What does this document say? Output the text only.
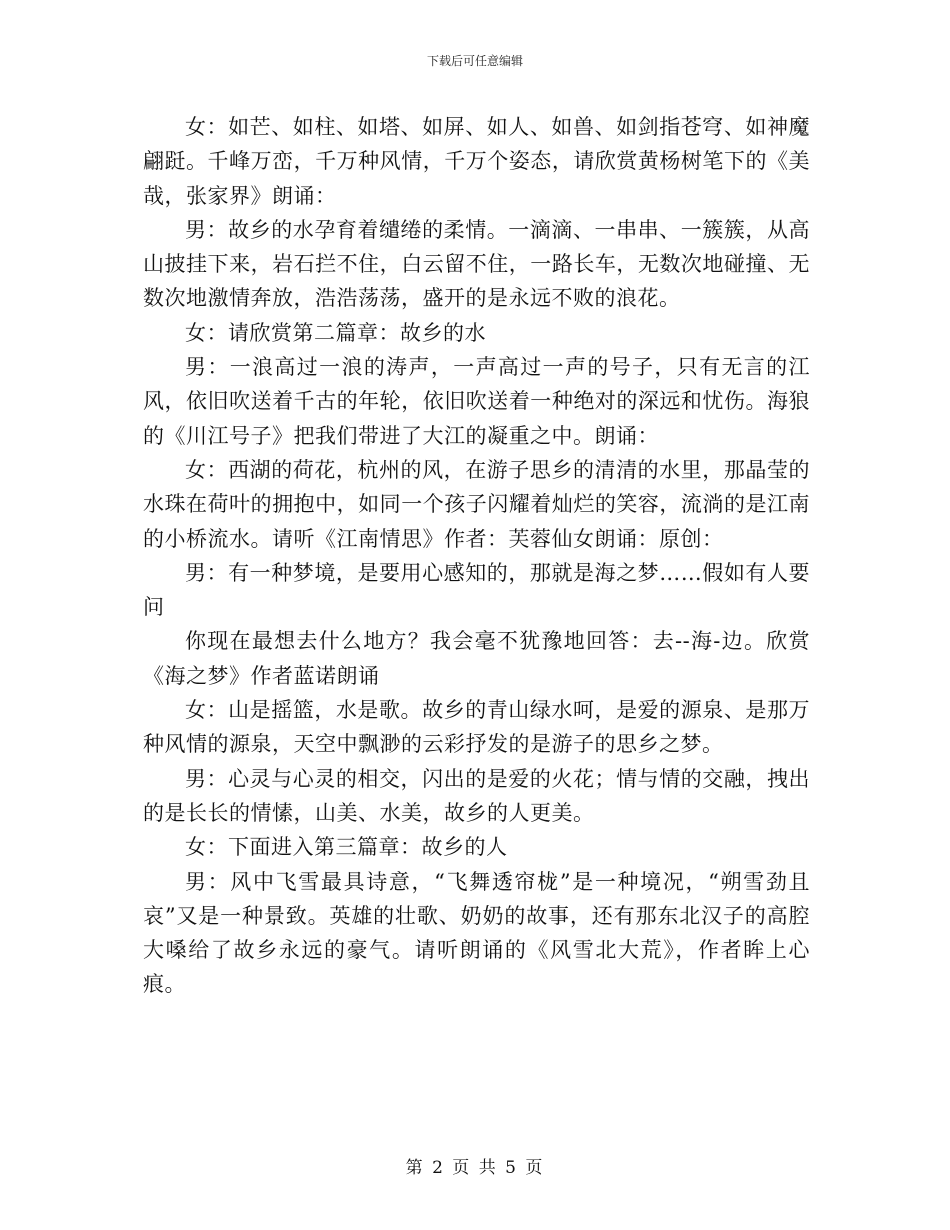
下载后可任意编辑

女：如芒、如柱、如塔、如屏、如人、如兽、如剑指苍穹、如神魔翩跹。千峰万峦，千万种风情，千万个姿态，请欣赏黄杨树笔下的《美哉，张家界》朗诵：

男：故乡的水孕育着缱绻的柔情。一滴滴、一串串、一簇簇，从高山披挂下来，岩石拦不住，白云留不住，一路长车，无数次地碰撞、无数次地激情奔放，浩浩荡荡，盛开的是永远不败的浪花。

女：请欣赏第二篇章：故乡的水

男：一浪高过一浪的涛声，一声高过一声的号子，只有无言的江风，依旧吹送着千古的年轮，依旧吹送着一种绝对的深远和忧伤。海狼的《川江号子》把我们带进了大江的凝重之中。朗诵：

女：西湖的荷花，杭州的风，在游子思乡的清清的水里，那晶莹的水珠在荷叶的拥抱中，如同一个孩子闪耀着灿烂的笑容，流淌的是江南的小桥流水。请听《江南情思》作者：芙蓉仙女朗诵：原创：

男：有一种梦境，是要用心感知的，那就是海之梦……假如有人要问

你现在最想去什么地方？我会毫不犹豫地回答：去--海-边。欣赏《海之梦》作者蓝诺朗诵

女：山是摇篮，水是歌。故乡的青山绿水呵，是爱的源泉、是那万种风情的源泉，天空中飘渺的云彩抒发的是游子的思乡之梦。

男：心灵与心灵的相交，闪出的是爱的火花；情与情的交融，拽出的是长长的情愫，山美、水美，故乡的人更美。

女：下面进入第三篇章：故乡的人

男：风中飞雪最具诗意，“飞舞透帘栊”是一种境况，“朔雪劲且哀”又是一种景致。英雄的壮歌、奶奶的故事，还有那东北汉子的高腔大嗓给了故乡永远的豪气。请听朗诵的《风雪北大荒》，作者眸上心痕。

第 2 页 共 5 页
